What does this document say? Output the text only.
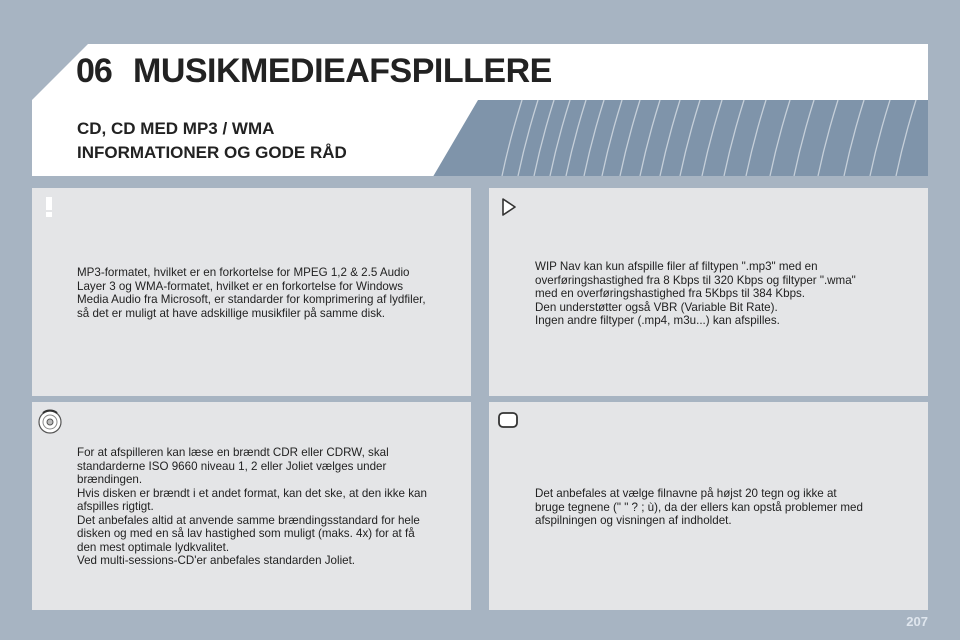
06 MUSIKMEDIEAFSPILLERE
CD, CD MED MP3 / WMA
INFORMATIONER OG GODE RÅD
MP3-formatet, hvilket er en forkortelse for MPEG 1,2 & 2.5 Audio
Layer 3 og WMA-formatet, hvilket er en forkortelse for Windows
Media Audio fra Microsoft, er standarder for komprimering af lydfiler,
så det er muligt at have adskillige musikfiler på samme disk.
WIP Nav kan kun afspille filer af filtypen ".mp3" med en
overføringshastighed fra 8 Kbps til 320 Kbps og filtyper ".wma"
med en overføringshastighed fra 5Kbps til 384 Kbps.
Den understøtter også VBR (Variable Bit Rate).
Ingen andre filtyper (.mp4, m3u...) kan afspilles.
For at afspilleren kan læse en brændt CDR eller CDRW, skal
standarderne ISO 9660 niveau 1, 2 eller Joliet vælges under
brændingen.
Hvis disken er brændt i et andet format, kan det ske, at den ikke kan
afspilles rigtigt.
Det anbefales altid at anvende samme brændingsstandard for hele
disken og med en så lav hastighed som muligt (maks. 4x) for at få
den mest optimale lydkvalitet.
Ved multi-sessions-CD'er anbefales standarden Joliet.
Det anbefales at vælge filnavne på højst 20 tegn og ikke at
bruge tegnene (" " ? ; ù), da der ellers kan opstå problemer med
afspilningen og visningen af indholdet.
207
